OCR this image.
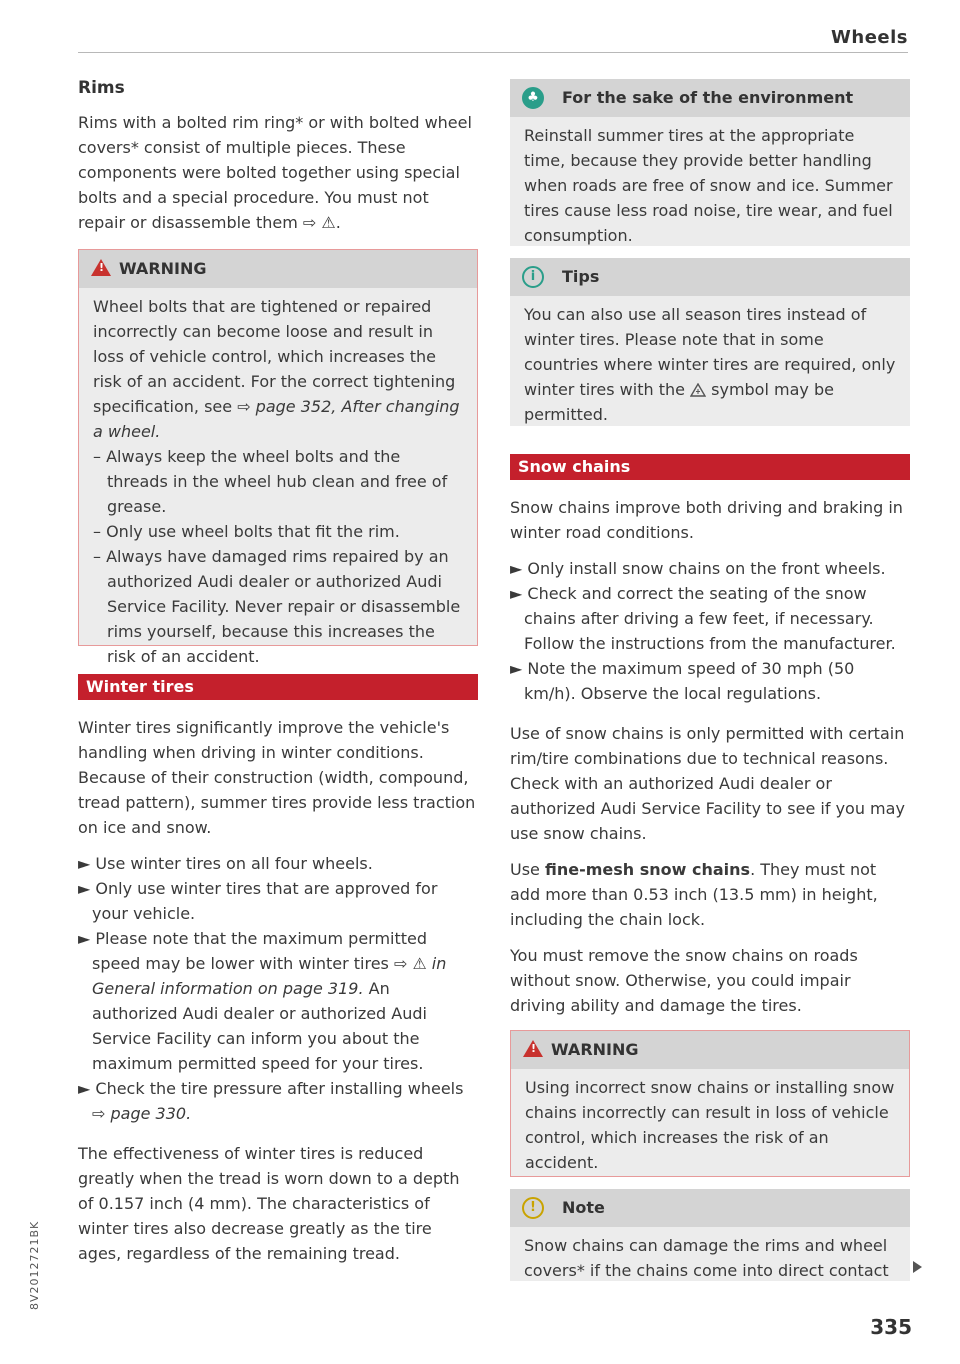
Wheels
Rims

Rims with a bolted rim ring* or with bolted wheel covers* consist of multiple pieces. These components were bolted together using special bolts and a special procedure. You must not repair or disassemble them ⇨ ⚠.

!WARNING

Wheel bolts that are tightened or repaired incorrectly can become loose and result in loss of vehicle control, which increases the risk of an accident. For the correct tightening specification, see ⇨ page 352, After changing a wheel.

– Always keep the wheel bolts and the threads in the wheel hub clean and free of grease.

– Only use wheel bolts that fit the rim.

– Always have damaged rims repaired by an authorized Audi dealer or authorized Audi Service Facility. Never repair or disassemble rims yourself, because this increases the risk of an accident.

Winter tires

Winter tires significantly improve the vehicle's handling when driving in winter conditions. Because of their construction (width, compound, tread pattern), summer tires provide less traction on ice and snow.

► Use winter tires on all four wheels.

► Only use winter tires that are approved for your vehicle.

► Please note that the maximum permitted speed may be lower with winter tires ⇨ ⚠ in General information on page 319. An authorized Audi dealer or authorized Audi Service Facility can inform you about the maximum permitted speed for your tires.

► Check the tire pressure after installing wheels ⇨ page 330.

The effectiveness of winter tires is reduced greatly when the tread is worn down to a depth of 0.157 inch (4 mm). The characteristics of winter tires also decrease greatly as the tire ages, regardless of the remaining tread.

♣	For the sake of the environment

Reinstall summer tires at the appropriate time, because they provide better handling when roads are free of snow and ice. Summer tires cause less road noise, tire wear, and fuel consumption.

i	Tips

You can also use all season tires instead of winter tires. Please note that in some countries where winter tires are required, only winter tires with the  symbol may be permitted.

Snow chains

Snow chains improve both driving and braking in winter road conditions.

► Only install snow chains on the front wheels.

► Check and correct the seating of the snow chains after driving a few feet, if necessary. Follow the instructions from the manufacturer.

► Note the maximum speed of 30 mph (50 km/h). Observe the local regulations.

Use of snow chains is only permitted with certain rim/tire combinations due to technical reasons. Check with an authorized Audi dealer or authorized Audi Service Facility to see if you may use snow chains.

Use fine-mesh snow chains. They must not add more than 0.53 inch (13.5 mm) in height, including the chain lock.

You must remove the snow chains on roads without snow. Otherwise, you could impair driving ability and damage the tires.

!WARNING

Using incorrect snow chains or installing snow chains incorrectly can result in loss of vehicle control, which increases the risk of an accident.

!	Note

Snow chains can damage the rims and wheel covers* if the chains come into direct contact

8V2012721BK
335
